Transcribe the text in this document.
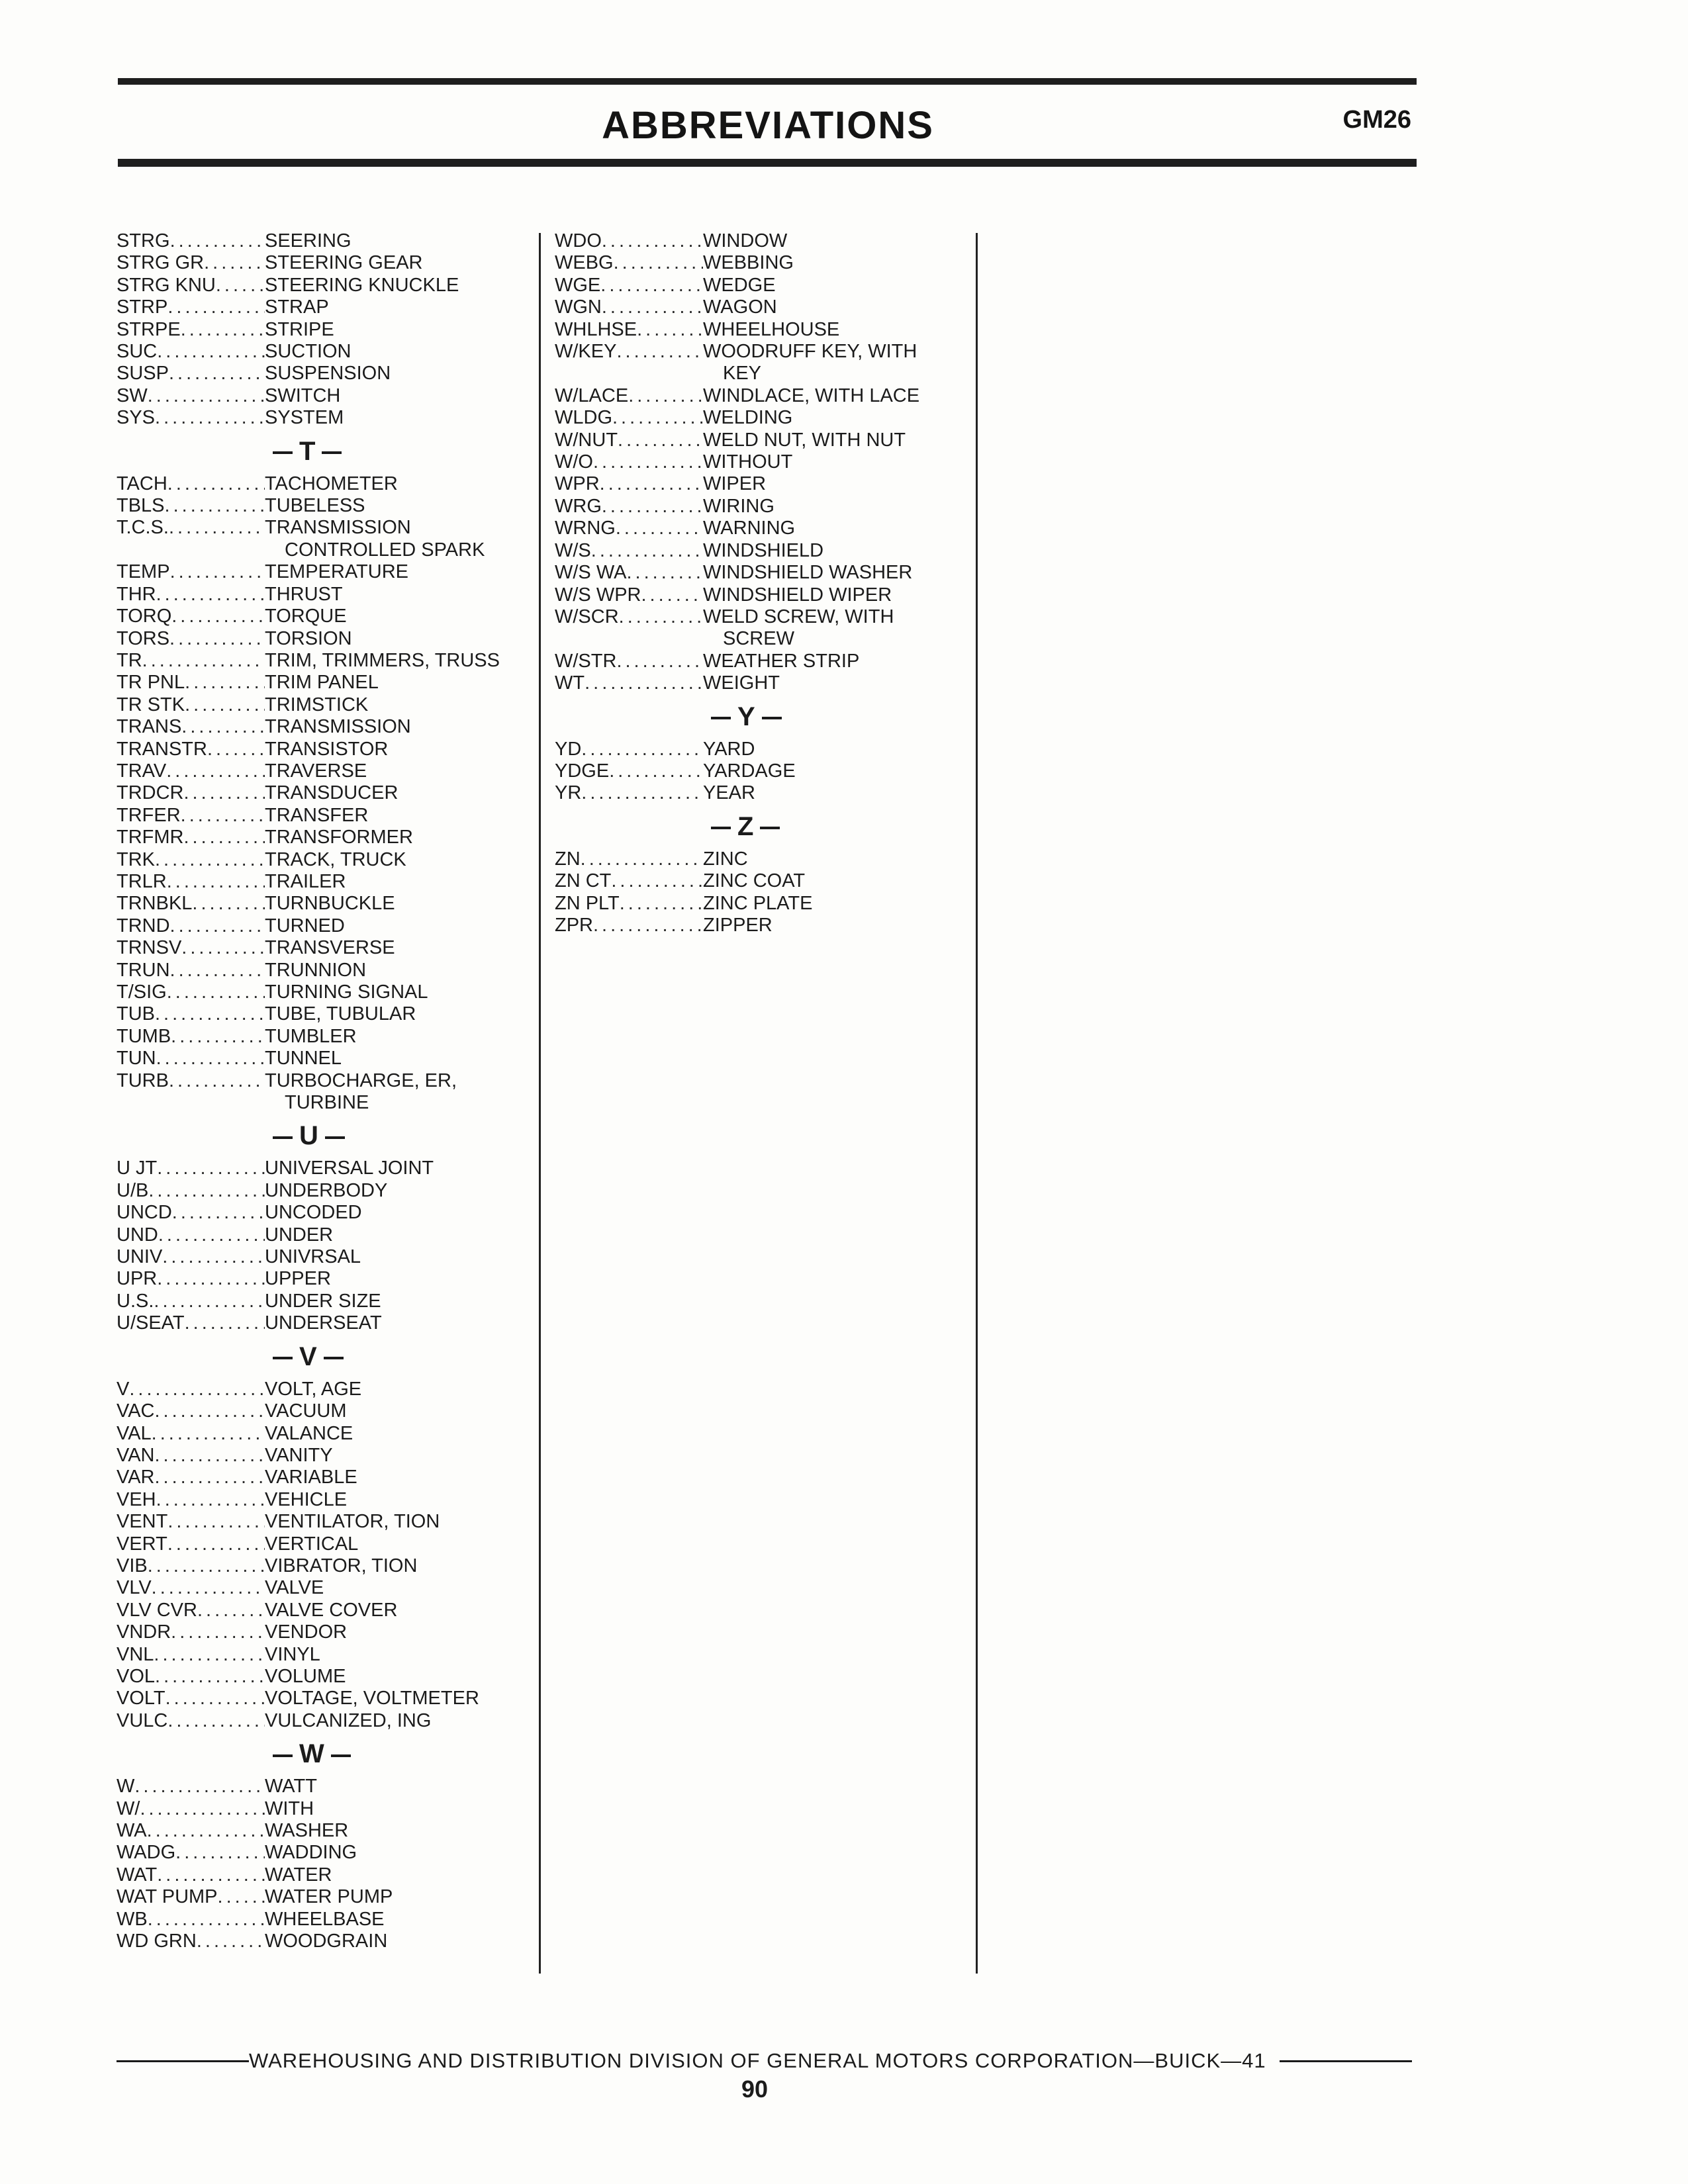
ABBREVIATIONS	GM26
STRG .....	SEERING
STRG GR .....	STEERING GEAR
STRG KNU .....	STEERING KNUCKLE
STRP .....	STRAP
STRPE .....	STRIPE
SUC .....	SUCTION
SUSP .....	SUSPENSION
SW .....	SWITCH
SYS .....	SYSTEM
T
TACH .....	TACHOMETER
TBLS .....	TUBELESS
T.C.S. .....	TRANSMISSION
CONTROLLED SPARK
TEMP .....	TEMPERATURE
THR .....	THRUST
TORQ .....	TORQUE
TORS .....	TORSION
TR .....	TRIM, TRIMMERS, TRUSS
TR PNL .....	TRIM PANEL
TR STK .....	TRIMSTICK
TRANS .....	TRANSMISSION
TRANSTR .....	TRANSISTOR
TRAV .....	TRAVERSE
TRDCR .....	TRANSDUCER
TRFER .....	TRANSFER
TRFMR .....	TRANSFORMER
TRK .....	TRACK, TRUCK
TRLR .....	TRAILER
TRNBKL .....	TURNBUCKLE
TRND .....	TURNED
TRNSV .....	TRANSVERSE
TRUN .....	TRUNNION
T/SIG .....	TURNING SIGNAL
TUB .....	TUBE, TUBULAR
TUMB .....	TUMBLER
TUN .....	TUNNEL
TURB .....	TURBOCHARGE, ER,
TURBINE
U
U JT .....	UNIVERSAL JOINT
U/B .....	UNDERBODY
UNCD .....	UNCODED
UND .....	UNDER
UNIV .....	UNIVRSAL
UPR .....	UPPER
U.S. .....	UNDER SIZE
U/SEAT .....	UNDERSEAT
V
V .....	VOLT, AGE
VAC .....	VACUUM
VAL .....	VALANCE
VAN .....	VANITY
VAR .....	VARIABLE
VEH .....	VEHICLE
VENT .....	VENTILATOR, TION
VERT .....	VERTICAL
VIB .....	VIBRATOR, TION
VLV .....	VALVE
VLV CVR .....	VALVE COVER
VNDR .....	VENDOR
VNL .....	VINYL
VOL .....	VOLUME
VOLT .....	VOLTAGE, VOLTMETER
VULC .....	VULCANIZED, ING
W
W .....	WATT
W/ .....	WITH
WA .....	WASHER
WADG .....	WADDING
WAT .....	WATER
WAT PUMP ..... WATER PUMP
WB .....	WHEELBASE
WD GRN .....	WOODGRAIN
WDO .....	WINDOW
WEBG .....	WEBBING
WGE .....	WEDGE
WGN .....	WAGON
WHLHSE .....	WHEELHOUSE
W/KEY .....	WOODRUFF KEY, WITH
KEY
W/LACE .....	WINDLACE, WITH LACE
WLDG .....	WELDING
W/NUT .....	WELD NUT, WITH NUT
W/O .....	WITHOUT
WPR .....	WIPER
WRG .....	WIRING
WRNG .....	WARNING
W/S .....	WINDSHIELD
W/S WA .....	WINDSHIELD WASHER
W/S WPR .....	WINDSHIELD WIPER
W/SCR .....	WELD SCREW, WITH
SCREW
W/STR .....	WEATHER STRIP
WT .....	WEIGHT
Y
YD .....	YARD
YDGE .....	YARDAGE
YR .....	YEAR
Z
ZN .....	ZINC
ZN CT .....	ZINC COAT
ZN PLT .....	ZINC PLATE
ZPR .....	ZIPPER
WAREHOUSING AND DISTRIBUTION DIVISION OF GENERAL MOTORS CORPORATION—BUICK—41
90
